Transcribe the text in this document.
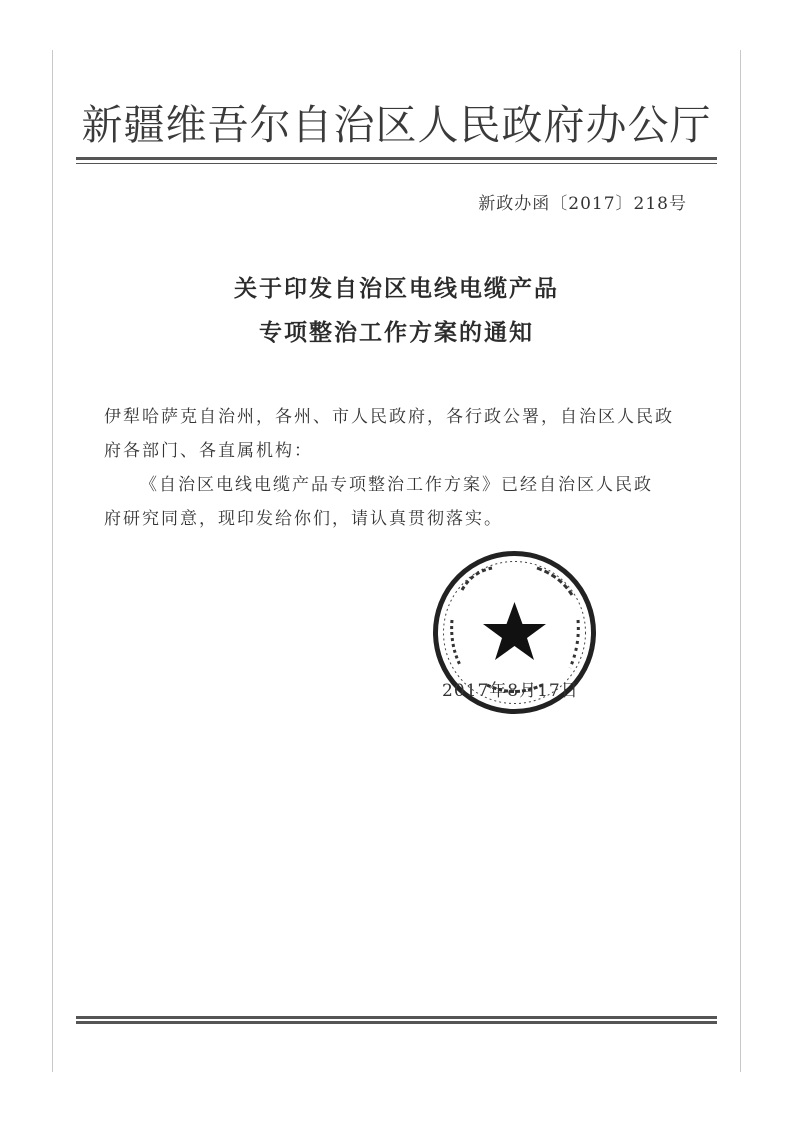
新疆维吾尔自治区人民政府办公厅
新政办函〔2017〕218号
关于印发自治区电线电缆产品
专项整治工作方案的通知

伊犁哈萨克自治州，各州、市人民政府，各行政公署，自治区人民政

府各部门、各直属机构：

《自治区电线电缆产品专项整治工作方案》已经自治区人民政

府研究同意，现印发给你们，请认真贯彻落实。

2017年8月17日
